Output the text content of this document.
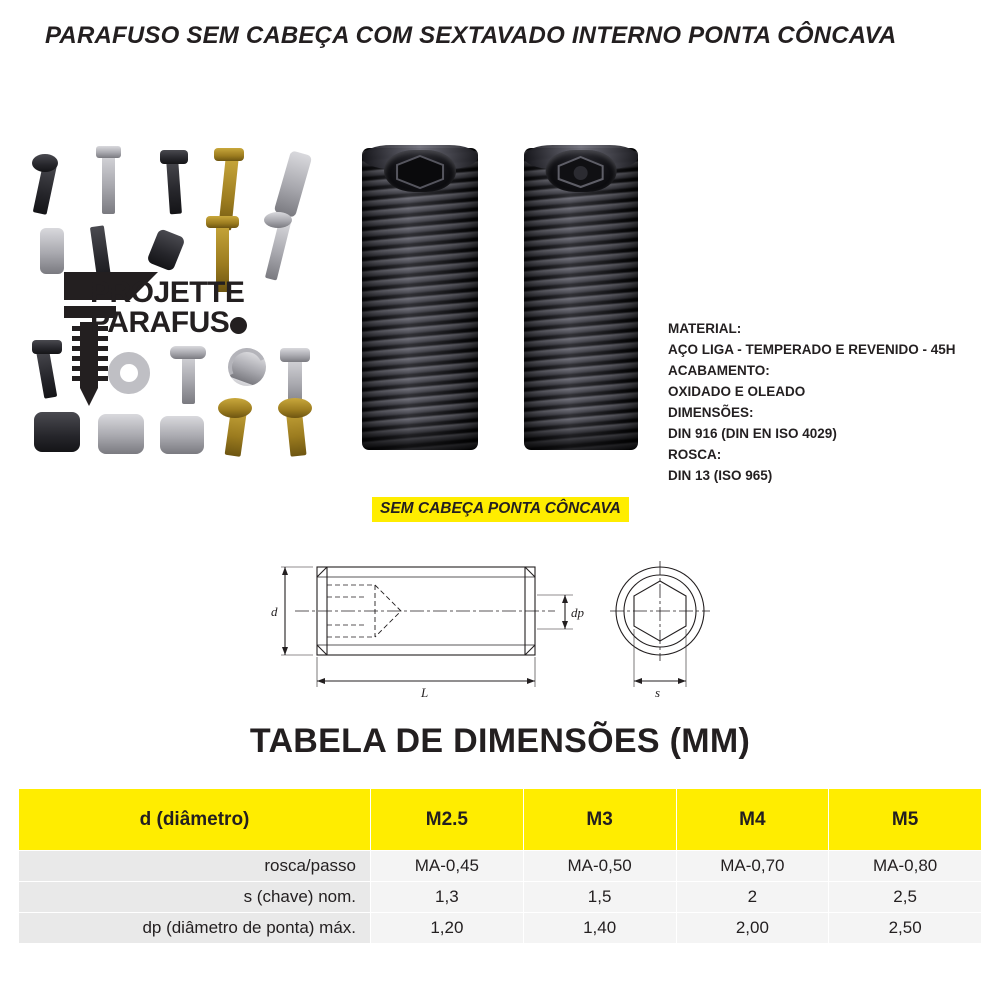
PARAFUSO SEM CABEÇA COM SEXTAVADO INTERNO PONTA CÔNCAVA
PROJETTE
PARAFUS	MATERIAL:
AÇO LIGA - TEMPERADO E REVENIDO - 45H
ACABAMENTO:
OXIDADO E OLEADO
DIMENSÕES:
DIN 916 (DIN EN ISO 4029)
ROSCA:
DIN 13 (ISO 965)
SEM CABEÇA PONTA CÔNCAVA
d
L
dp
s
TABELA DE DIMENSÕES (MM)
d (diâmetro)	M2.5	M3	M4	M5
rosca/passo	MA-0,45	MA-0,50	MA-0,70	MA-0,80
s (chave) nom.	1,3	1,5	2	2,5
dp (diâmetro de ponta) máx.	1,20	1,40	2,00	2,50
